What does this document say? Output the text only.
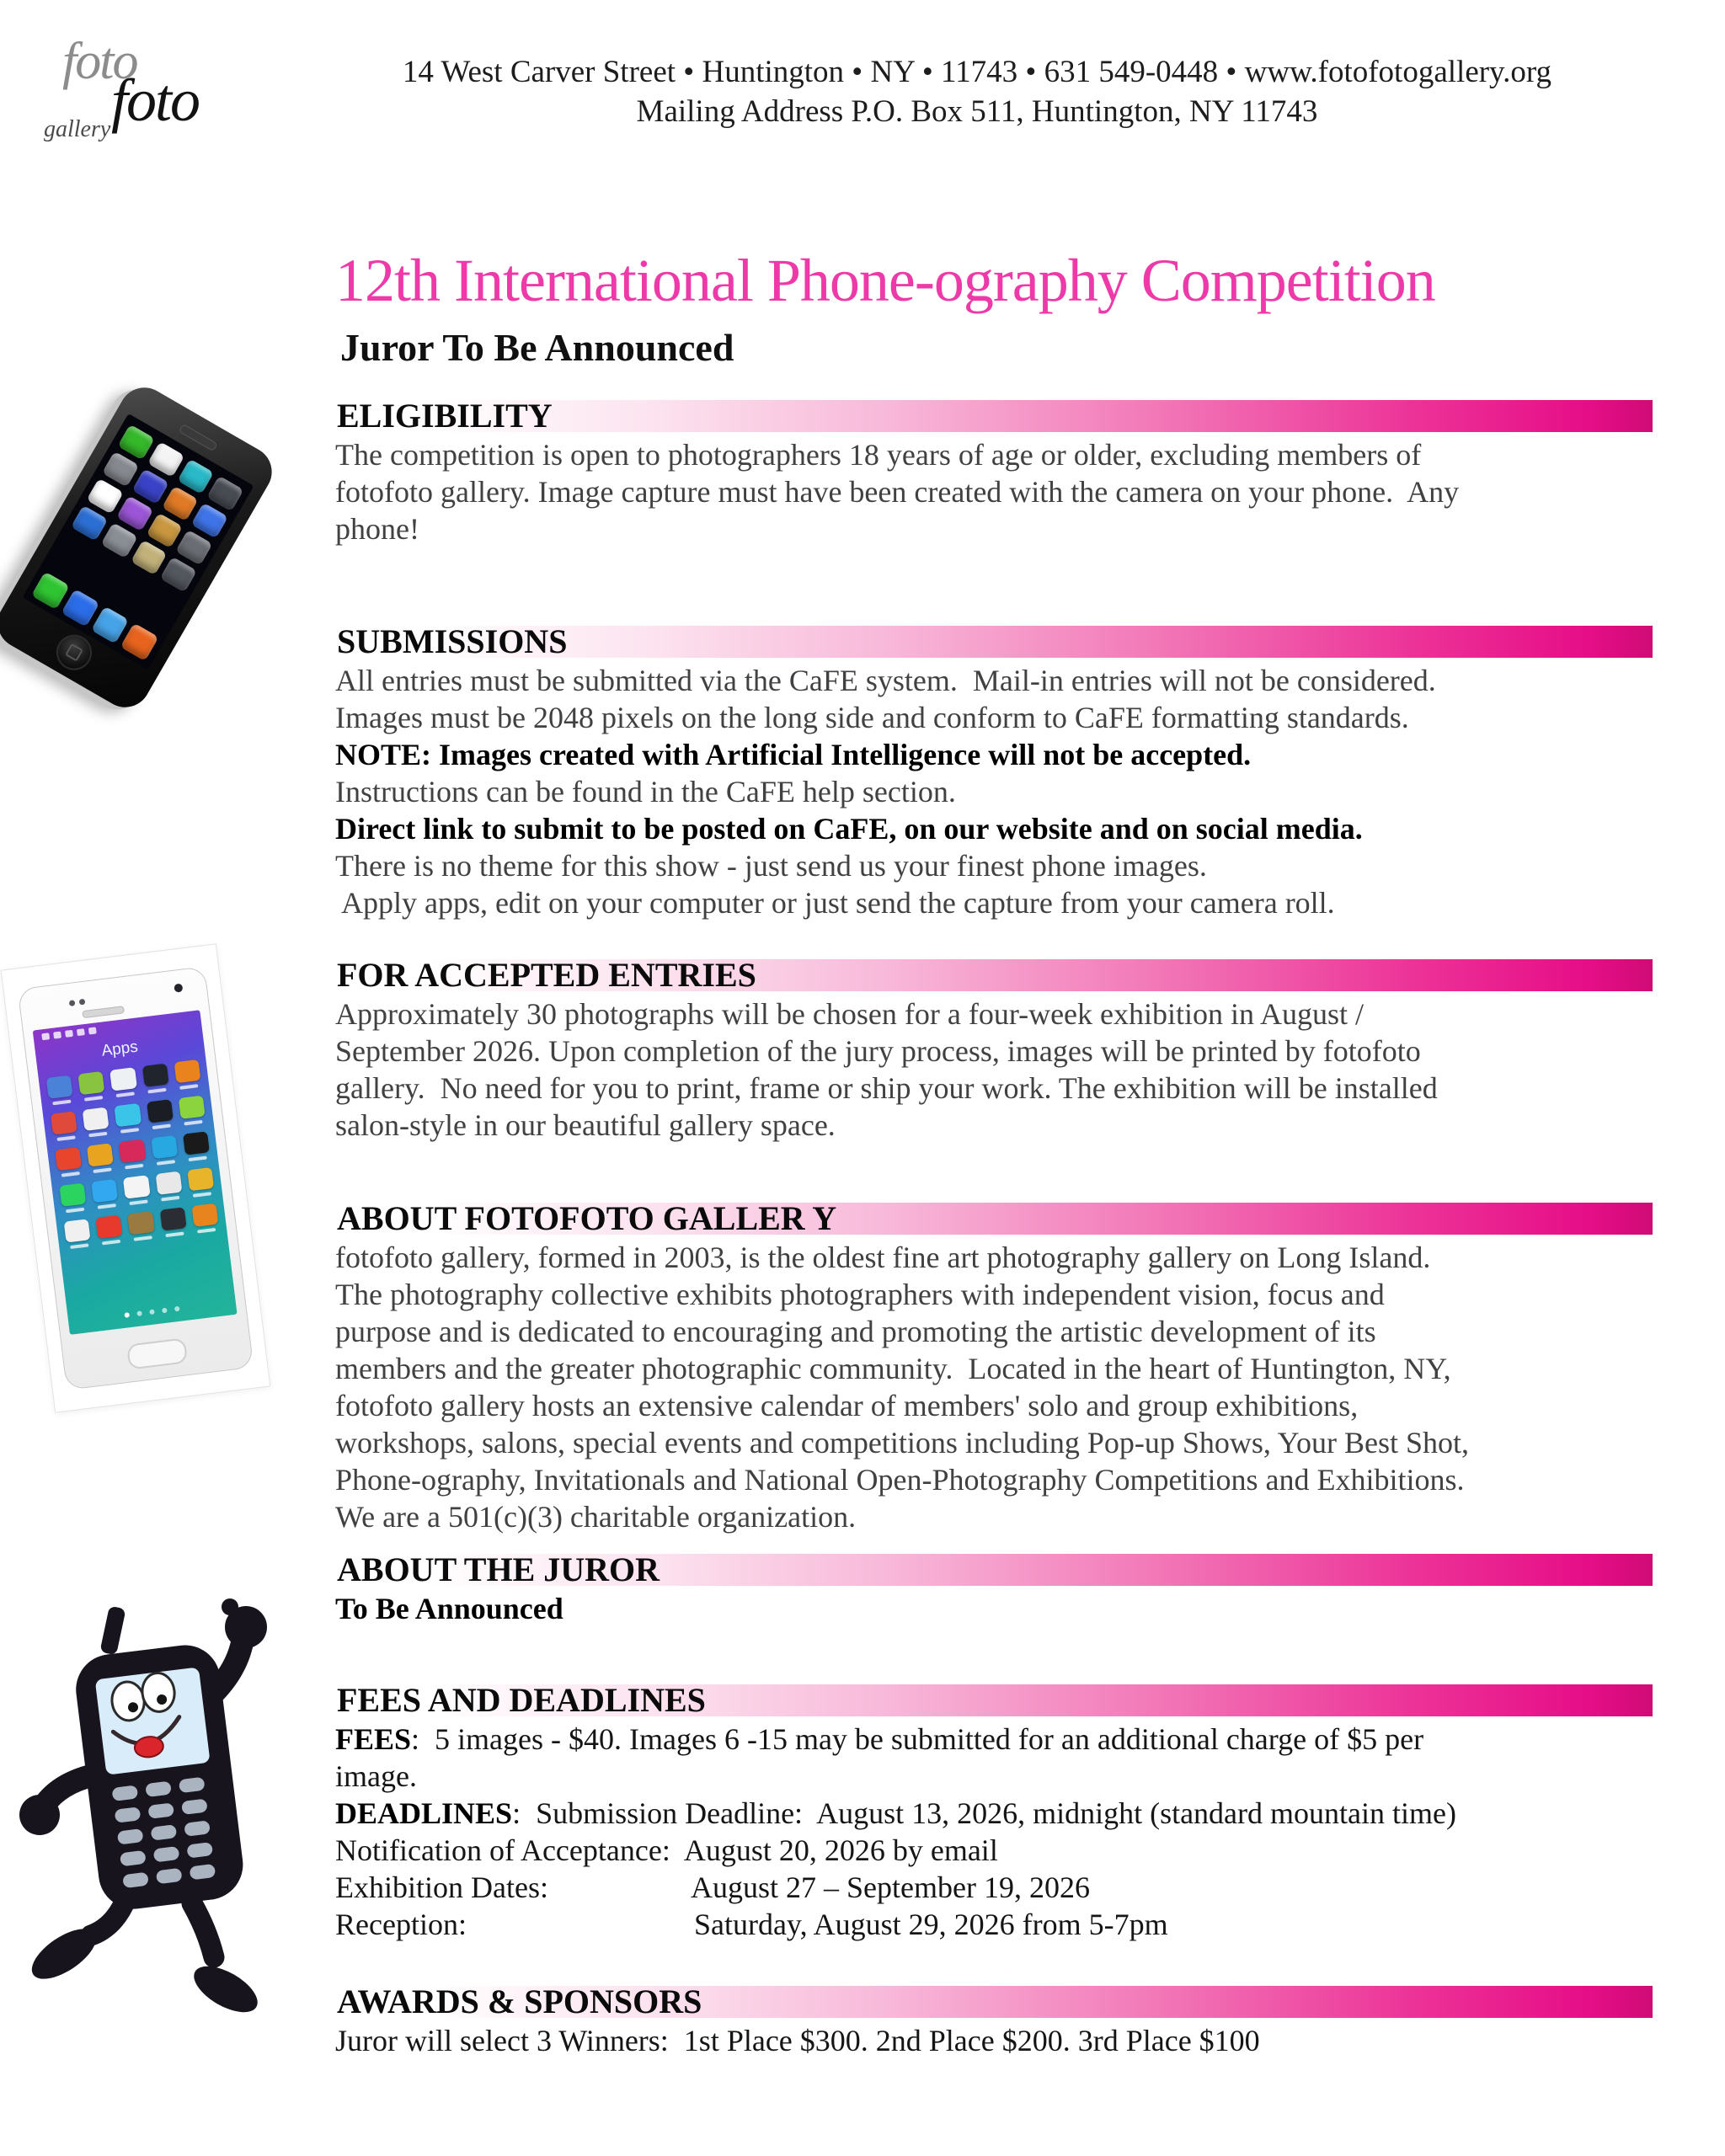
foto
gallery foto	14 West Carver Street • Huntington • NY • 11743 • 631 549-0448 • www.fotofotogallery.org
Mailing Address P.O. Box 511, Huntington, NY 11743
12th International Phone-ography Competition
Juror To Be Announced
ELIGIBILITY
The competition is open to photographers 18 years of age or older, excluding members of
fotofoto gallery. Image capture must have been created with the camera on your phone.  Any
phone!
SUBMISSIONS
All entries must be submitted via the CaFE system.  Mail-in entries will not be considered.
Images must be 2048 pixels on the long side and conform to CaFE formatting standards.
NOTE: Images created with Artificial Intelligence will not be accepted.
Instructions can be found in the CaFE help section.
Direct link to submit to be posted on CaFE, on our website and on social media.
There is no theme for this show - just send us your finest phone images.
Apply apps, edit on your computer or just send the capture from your camera roll.
FOR ACCEPTED ENTRIES
Approximately 30 photographs will be chosen for a four-week exhibition in August /
September 2026. Upon completion of the jury process, images will be printed by fotofoto
gallery.  No need for you to print, frame or ship your work. The exhibition will be installed
salon-style in our beautiful gallery space.
ABOUT FOTOFOTO GALLER Y
fotofoto gallery, formed in 2003, is the oldest fine art photography gallery on Long Island.
The photography collective exhibits photographers with independent vision, focus and
purpose and is dedicated to encouraging and promoting the artistic development of its
members and the greater photographic community.  Located in the heart of Huntington, NY,
fotofoto gallery hosts an extensive calendar of members' solo and group exhibitions,
workshops, salons, special events and competitions including Pop-up Shows, Your Best Shot,
Phone-ography, Invitationals and National Open-Photography Competitions and Exhibitions.
We are a 501(c)(3) charitable organization.
ABOUT THE JUROR
To Be Announced
FEES AND DEADLINES
FEES:  5 images - $40. Images 6 -15 may be submitted for an additional charge of $5 per
image.
DEADLINES:  Submission Deadline:  August 13, 2026, midnight (standard mountain time)
Notification of Acceptance:  August 20, 2026 by email
Exhibition Dates:                   August 27 – September 19, 2026
Reception:                              Saturday, August 29, 2026 from 5-7pm
AWARDS & SPONSORS
Juror will select 3 Winners:  1st Place $300. 2nd Place $200. 3rd Place $100
Apps
